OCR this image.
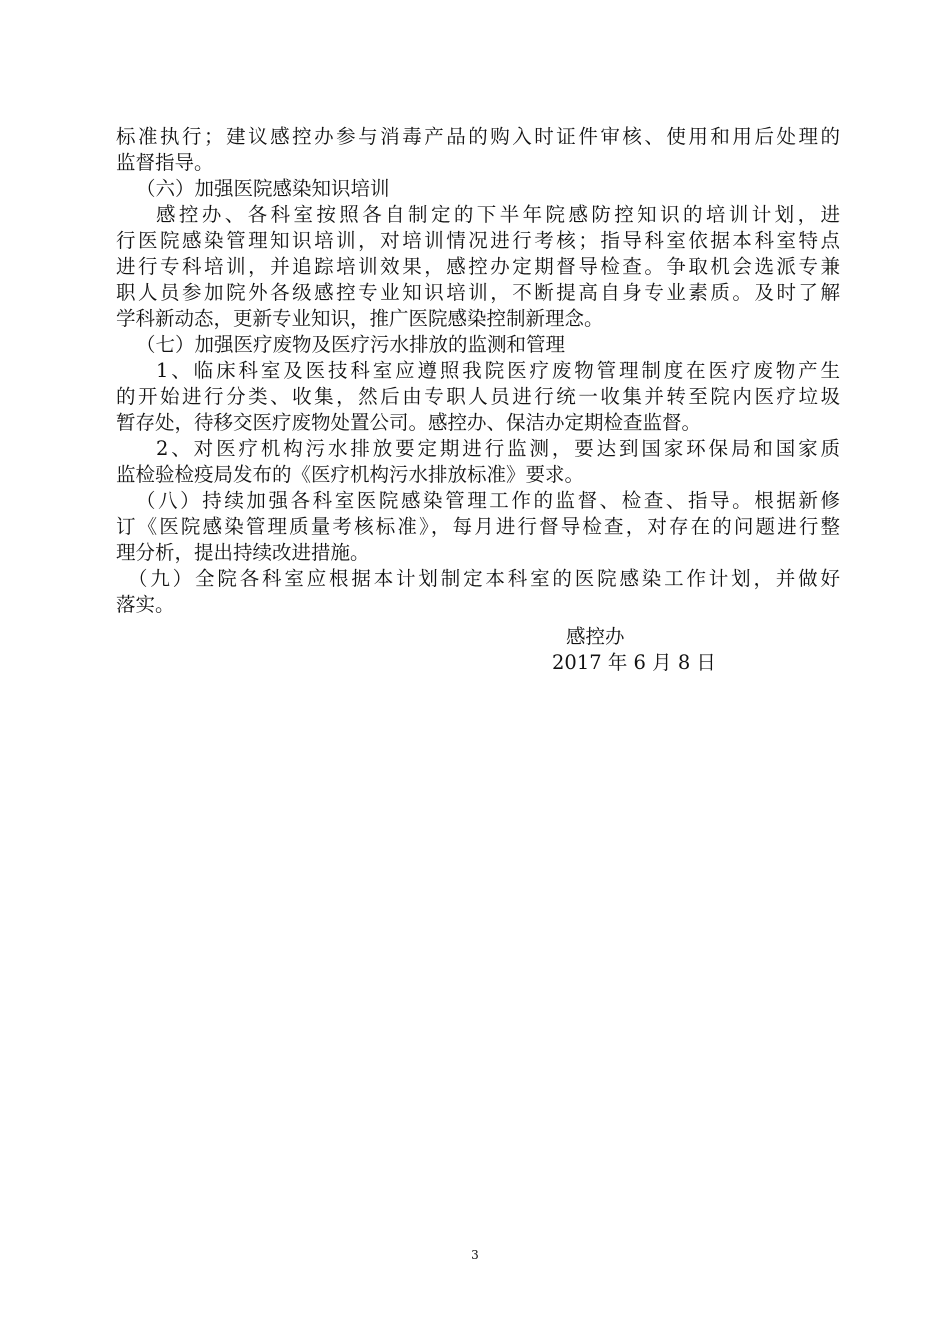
标准执行；建议感控办参与消毒产品的购入时证件审核、使用和用后处理的
监督指导。
（六）加强医院感染知识培训
感控办、各科室按照各自制定的下半年院感防控知识的培训计划，进
行医院感染管理知识培训，对培训情况进行考核；指导科室依据本科室特点
进行专科培训，并追踪培训效果，感控办定期督导检查。争取机会选派专兼
职人员参加院外各级感控专业知识培训，不断提高自身专业素质。及时了解
学科新动态，更新专业知识，推广医院感染控制新理念。
（七）加强医疗废物及医疗污水排放的监测和管理
1、临床科室及医技科室应遵照我院医疗废物管理制度在医疗废物产生
的开始进行分类、收集，然后由专职人员进行统一收集并转至院内医疗垃圾
暂存处，待移交医疗废物处置公司。感控办、保洁办定期检查监督。
2、对医疗机构污水排放要定期进行监测，要达到国家环保局和国家质
监检验检疫局发布的《医疗机构污水排放标准》要求。
（八）持续加强各科室医院感染管理工作的监督、检查、指导。根据新修
订《医院感染管理质量考核标准》，每月进行督导检查，对存在的问题进行整
理分析，提出持续改进措施。
（九）全院各科室应根据本计划制定本科室的医院感染工作计划，并做好
落实。
感控办
2017 年 6 月 8 日
3
